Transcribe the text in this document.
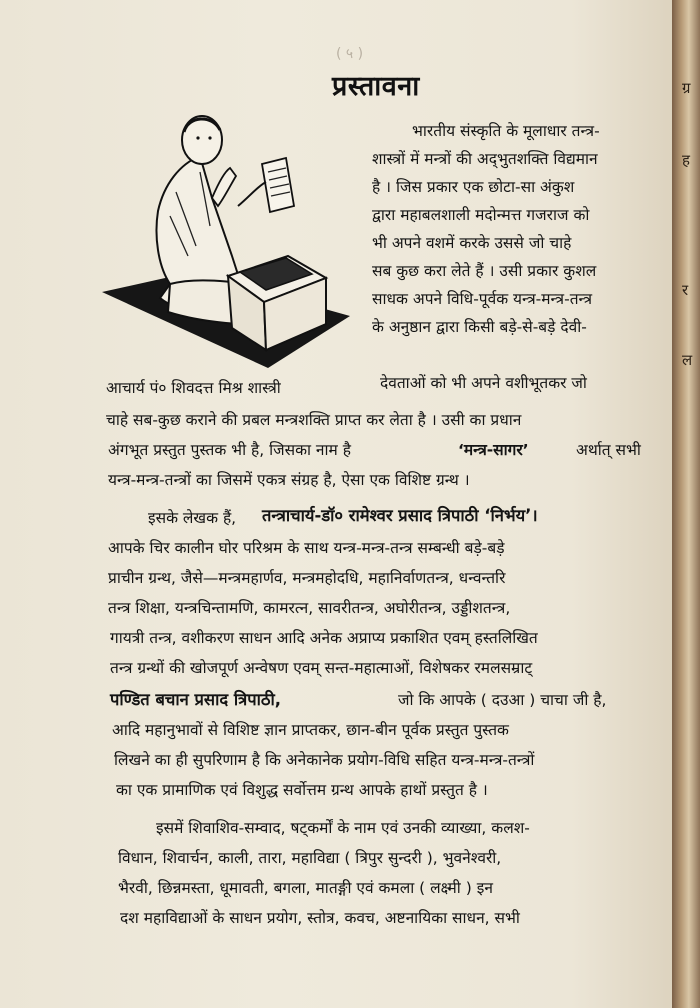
ग्र
ह
र
ल
( ५ )
प्रस्तावना
आचार्य पं० शिवदत्त मिश्र शास्त्री
भारतीय संस्कृति के मूलाधार तन्त्र-
शास्त्रों में मन्त्रों की अद्‌भुतशक्ति विद्यमान
है । जिस प्रकार एक छोटा-सा अंकुश
द्वारा महाबलशाली मदोन्मत्त गजराज को
भी अपने वशमें करके उससे जो चाहे
सब कुछ करा लेते हैं । उसी प्रकार कुशल
साधक अपने विधि-पूर्वक यन्त्र-मन्त्र-तन्त्र
के अनुष्ठान द्वारा किसी बड़े-से-बड़े देवी-
देवताओं को भी अपने वशीभूतकर जो
चाहे सब-कुछ कराने की प्रबल मन्त्रशक्ति प्राप्त कर लेता है । उसी का प्रधान
अंगभूत प्रस्तुत पुस्तक भी है, जिसका नाम है	‘मन्त्र-सागर’	अर्थात् सभी
यन्त्र-मन्त्र-तन्त्रों का जिसमें एकत्र संग्रह है, ऐसा एक विशिष्ट ग्रन्थ ।
इसके लेखक हैं, तन्त्राचार्य-डॉ० रामेश्वर प्रसाद त्रिपाठी ‘निर्भय’।
आपके चिर कालीन घोर परिश्रम के साथ यन्त्र-मन्त्र-तन्त्र सम्बन्धी बड़े-बड़े
प्राचीन ग्रन्थ, जैसे—मन्त्रमहार्णव, मन्त्रमहोदधि, महानिर्वाणतन्त्र, धन्वन्तरि
तन्त्र शिक्षा, यन्त्रचिन्तामणि, कामरत्न, सावरीतन्त्र, अघोरीतन्त्र, उड्डीशतन्त्र,
गायत्री तन्त्र, वशीकरण साधन आदि अनेक अप्राप्य प्रकाशित एवम् हस्तलिखित
तन्त्र ग्रन्थों की खोजपूर्ण अन्वेषण एवम् सन्त-महात्माओं, विशेषकर रमलसम्राट्
पण्डित बचान प्रसाद त्रिपाठी,	जो कि आपके ( दउआ ) चाचा जी है,
आदि महानुभावों से विशिष्ट ज्ञान प्राप्तकर, छान-बीन पूर्वक प्रस्तुत पुस्तक
लिखने का ही सुपरिणाम है कि अनेकानेक प्रयोग-विधि सहित यन्त्र-मन्त्र-तन्त्रों
का एक प्रामाणिक एवं विशुद्ध सर्वोत्तम ग्रन्थ आपके हाथों प्रस्तुत है ।
इसमें शिवाशिव-सम्वाद, षट्कर्मों के नाम एवं उनकी व्याख्या, कलश-
विधान, शिवार्चन, काली, तारा, महाविद्या ( त्रिपुर सुन्दरी ), भुवनेश्वरी,
भैरवी, छिन्नमस्ता, धूमावती, बगला, मातङ्गी एवं कमला ( लक्ष्मी ) इन
दश महाविद्याओं के साधन प्रयोग, स्तोत्र, कवच, अष्टनायिका साधन, सभी
